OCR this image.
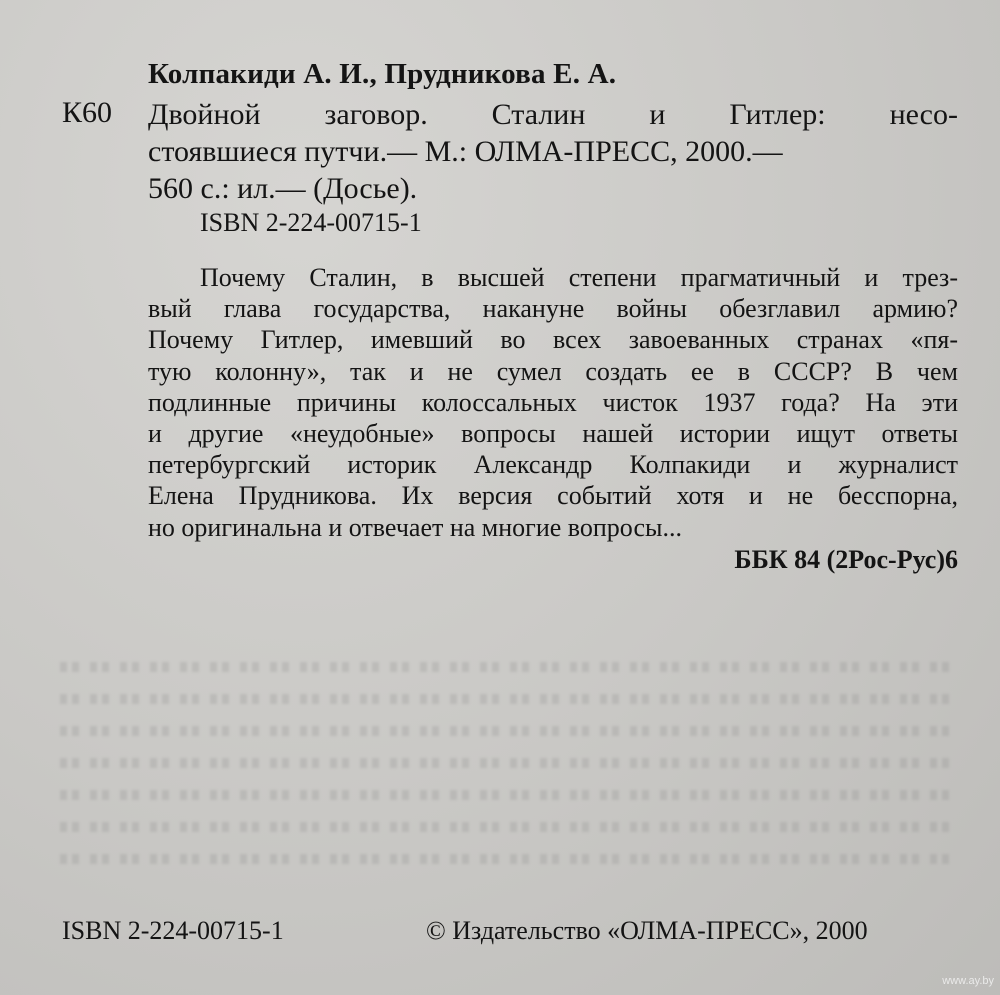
Колпакиди А. И., Прудникова Е. А.
К60 Двойной заговор. Сталин и Гитлер: несо-
стоявшиеся путчи.— М.: ОЛМА-ПРЕСС, 2000.—
560 с.: ил.— (Досье).
ISBN 2-224-00715-1
Почему Сталин, в высшей степени прагматичный и трез-
вый глава государства, накануне войны обезглавил армию?
Почему Гитлер, имевший во всех завоеванных странах «пя-
тую колонну», так и не сумел создать ее в СССР? В чем
подлинные причины колоссальных чисток 1937 года? На эти
и другие «неудобные» вопросы нашей истории ищут ответы
петербургский историк Александр Колпакиди и журналист
Елена Прудникова. Их версия событий хотя и не бесспорна,
но оригинальна и отвечает на многие вопросы...
ББК 84 (2Рос-Рус)6
ISBN 2-224-00715-1	© Издательство «ОЛМА-ПРЕСС», 2000
www.ay.by
